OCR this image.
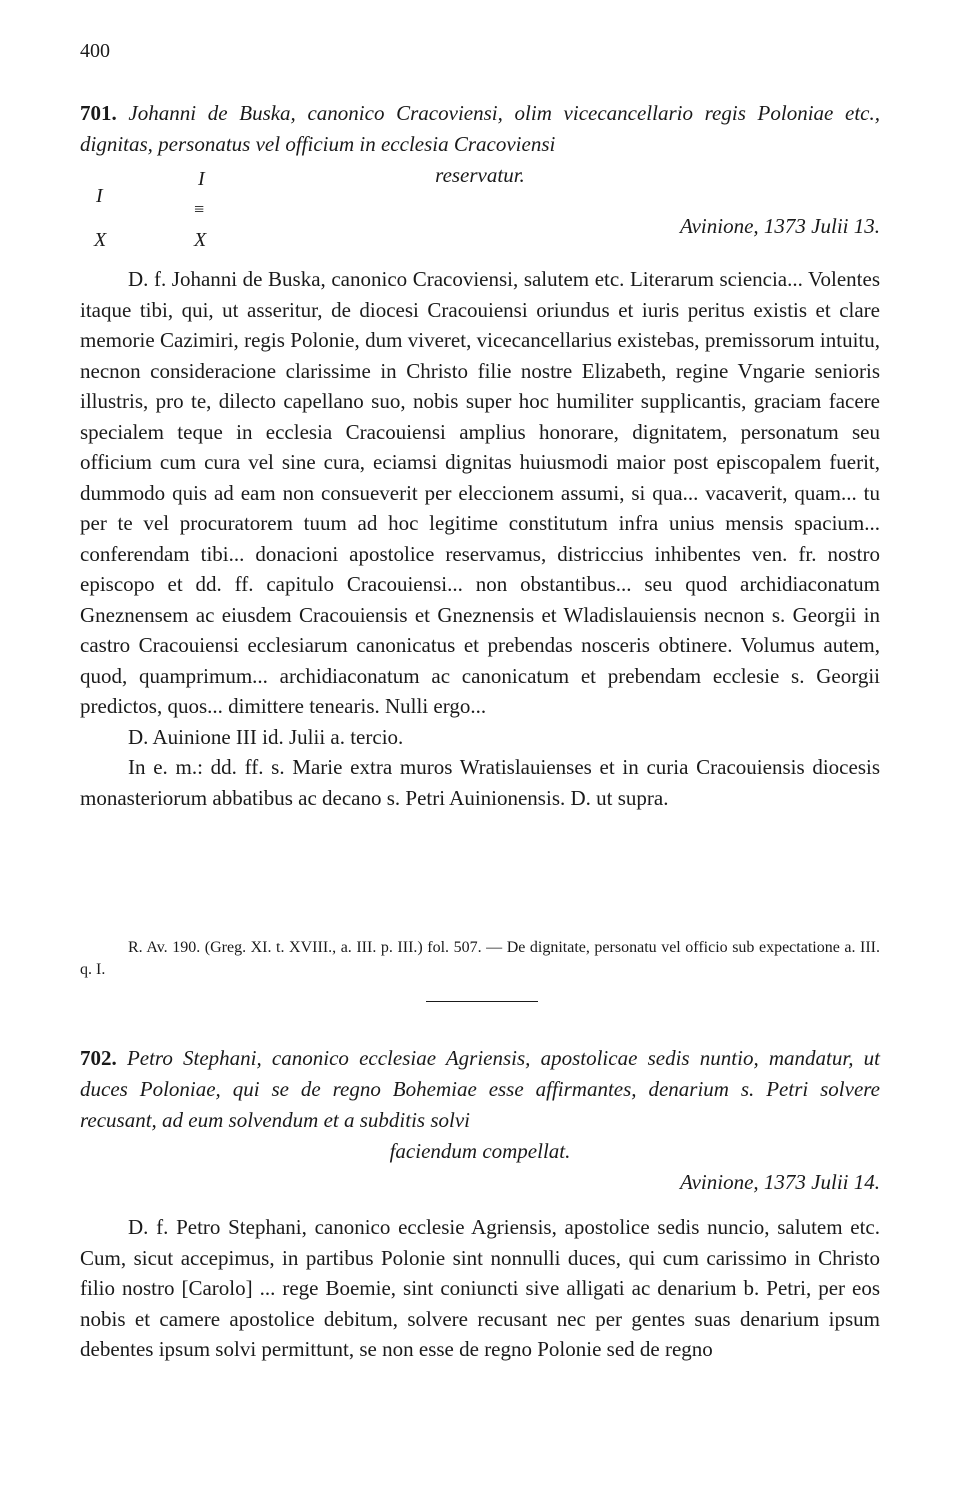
400
701. Johanni de Buska, canonico Cracoviensi, olim vicecancellario regis Poloniae etc., dignitas, personatus vel officium in ecclesia Cracoviensi
reservatur.
I
X
I
≡
X
Avinione, 1373 Julii 13.

D. f. Johanni de Buska, canonico Cracoviensi, salutem etc. Literarum sciencia... Volentes itaque tibi, qui, ut asseritur, de diocesi Cracouiensi oriundus et iuris peritus existis et clare memorie Cazimiri, regis Polonie, dum viveret, vicecancellarius existebas, premissorum intuitu, necnon consideracione clarissime in Christo filie nostre Elizabeth, regine Vngarie senioris illustris, pro te, dilecto capellano suo, nobis super hoc humiliter supplicantis, graciam facere specialem teque in ecclesia Cracouiensi amplius honorare, dignitatem, personatum seu officium cum cura vel sine cura, eciamsi dignitas huiusmodi maior post episcopalem fuerit, dummodo quis ad eam non consueverit per eleccionem assumi, si qua... vacaverit, quam... tu per te vel procuratorem tuum ad hoc legitime constitutum infra unius mensis spacium... conferendam tibi... donacioni apostolice reservamus, districcius inhibentes ven. fr. nostro episcopo et dd. ff. capitulo Cracouiensi... non obstantibus... seu quod archidiaconatum Gneznensem ac eiusdem Cracouiensis et Gneznensis et Wladislauiensis necnon s. Georgii in castro Cracouiensi ecclesiarum canonicatus et prebendas nosceris obtinere. Volumus autem, quod, quamprimum... archidiaconatum ac canonicatum et prebendam ecclesie s. Georgii predictos, quos... dimittere tenearis. Nulli ergo...

D. Auinione III id. Julii a. tercio.

In e. m.: dd. ff. s. Marie extra muros Wratislauienses et in curia Cracouiensis diocesis monasteriorum abbatibus ac decano s. Petri Auinionensis. D. ut supra.

R. Av. 190. (Greg. XI. t. XVIII., a. III. p. III.) fol. 507. — De dignitate, personatu vel officio sub expectatione a. III. q. I.
702. Petro Stephani, canonico ecclesiae Agriensis, apostolicae sedis nuntio, mandatur, ut duces Poloniae, qui se de regno Bohemiae esse affirmantes, denarium s. Petri solvere recusant, ad eum solvendum et a subditis solvi
faciendum compellat.
Avinione, 1373 Julii 14.

D. f. Petro Stephani, canonico ecclesie Agriensis, apostolice sedis nuncio, salutem etc. Cum, sicut accepimus, in partibus Polonie sint nonnulli duces, qui cum carissimo in Christo filio nostro [Carolo] ... rege Boemie, sint coniuncti sive alligati ac denarium b. Petri, per eos nobis et camere apostolice debitum, solvere recusant nec per gentes suas denarium ipsum debentes ipsum solvi permittunt, se non esse de regno Polonie sed de regno
